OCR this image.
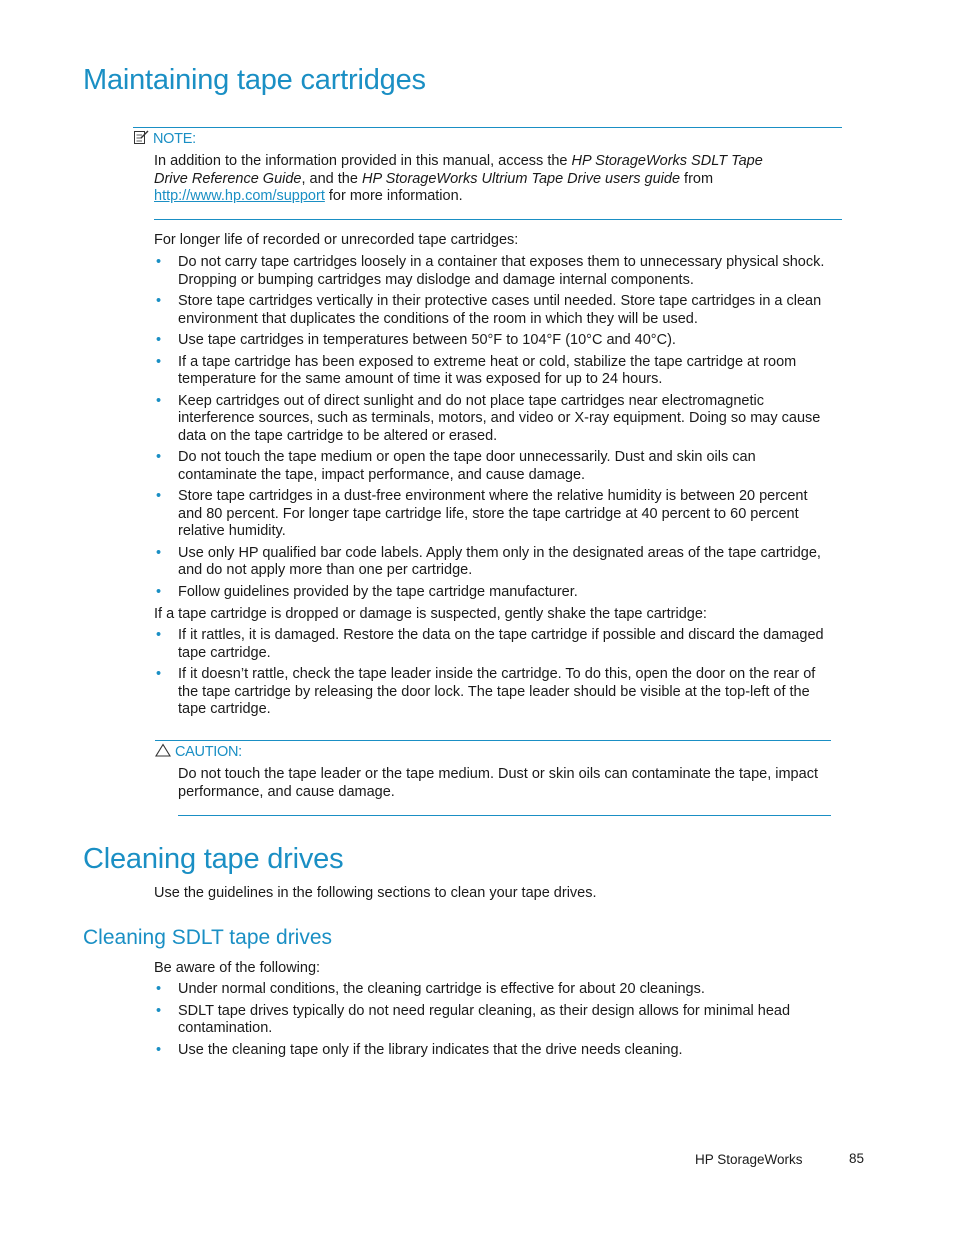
Maintaining tape cartridges
NOTE:
In addition to the information provided in this manual, access the HP StorageWorks SDLT Tape Drive Reference Guide, and the HP StorageWorks Ultrium Tape Drive users guide from
http://www.hp.com/support for more information.
For longer life of recorded or unrecorded tape cartridges:
• Do not carry tape cartridges loosely in a container that exposes them to unnecessary physical shock. Dropping or bumping cartridges may dislodge and damage internal components.
• Store tape cartridges vertically in their protective cases until needed. Store tape cartridges in a clean environment that duplicates the conditions of the room in which they will be used.
• Use tape cartridges in temperatures between 50°F to 104°F (10°C and 40°C).
• If a tape cartridge has been exposed to extreme heat or cold, stabilize the tape cartridge at room temperature for the same amount of time it was exposed for up to 24 hours.
• Keep cartridges out of direct sunlight and do not place tape cartridges near electromagnetic interference sources, such as terminals, motors, and video or X-ray equipment. Doing so may cause data on the tape cartridge to be altered or erased.
• Do not touch the tape medium or open the tape door unnecessarily. Dust and skin oils can contaminate the tape, impact performance, and cause damage.
• Store tape cartridges in a dust-free environment where the relative humidity is between 20 percent and 80 percent. For longer tape cartridge life, store the tape cartridge at 40 percent to 60 percent relative humidity.
• Use only HP qualified bar code labels. Apply them only in the designated areas of the tape cartridge, and do not apply more than one per cartridge.
• Follow guidelines provided by the tape cartridge manufacturer.
If a tape cartridge is dropped or damage is suspected, gently shake the tape cartridge:
• If it rattles, it is damaged. Restore the data on the tape cartridge if possible and discard the damaged tape cartridge.
• If it doesn’t rattle, check the tape leader inside the cartridge. To do this, open the door on the rear of the tape cartridge by releasing the door lock. The tape leader should be visible at the top-left of the tape cartridge.
CAUTION:
Do not touch the tape leader or the tape medium. Dust or skin oils can contaminate the tape, impact performance, and cause damage.
Cleaning tape drives
Use the guidelines in the following sections to clean your tape drives.
Cleaning SDLT tape drives
Be aware of the following:
• Under normal conditions, the cleaning cartridge is effective for about 20 cleanings.
• SDLT tape drives typically do not need regular cleaning, as their design allows for minimal head contamination.
• Use the cleaning tape only if the library indicates that the drive needs cleaning.
HP StorageWorks	85
